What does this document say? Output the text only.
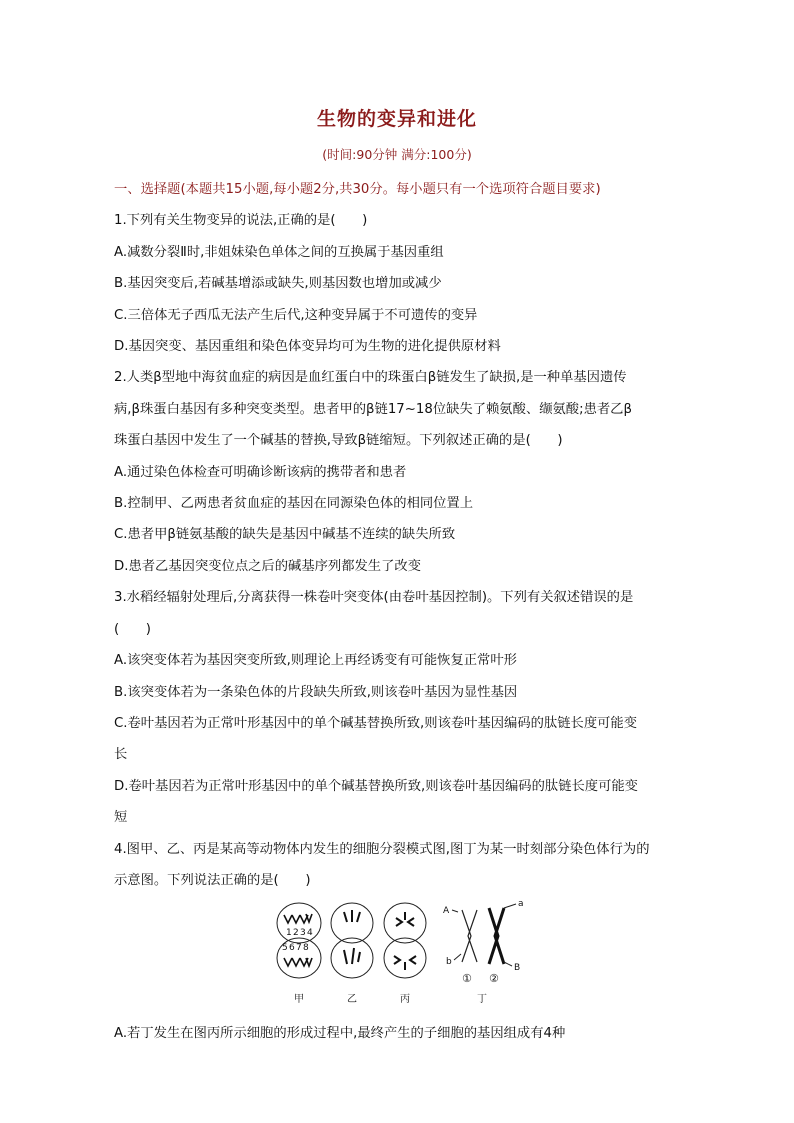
生物的变异和进化
(时间:90分钟 满分:100分)
一、选择题(本题共15小题,每小题2分,共30分。每小题只有一个选项符合题目要求)
1.下列有关生物变异的说法,正确的是(　　)
A.减数分裂Ⅱ时,非姐妹染色单体之间的互换属于基因重组
B.基因突变后,若碱基增添或缺失,则基因数也增加或减少
C.三倍体无子西瓜无法产生后代,这种变异属于不可遗传的变异
D.基因突变、基因重组和染色体变异均可为生物的进化提供原材料
2.人类β型地中海贫血症的病因是血红蛋白中的珠蛋白β链发生了缺损,是一种单基因遗传
病,β珠蛋白基因有多种突变类型。患者甲的β链17~18位缺失了赖氨酸、缬氨酸;患者乙β
珠蛋白基因中发生了一个碱基的替换,导致β链缩短。下列叙述正确的是(　　)
A.通过染色体检查可明确诊断该病的携带者和患者
B.控制甲、乙两患者贫血症的基因在同源染色体的相同位置上
C.患者甲β链氨基酸的缺失是基因中碱基不连续的缺失所致
D.患者乙基因突变位点之后的碱基序列都发生了改变
3.水稻经辐射处理后,分离获得一株卷叶突变体(由卷叶基因控制)。下列有关叙述错误的是
(　　)
A.该突变体若为基因突变所致,则理论上再经诱变有可能恢复正常叶形
B.该突变体若为一条染色体的片段缺失所致,则该卷叶基因为显性基因
C.卷叶基因若为正常叶形基因中的单个碱基替换所致,则该卷叶基因编码的肽链长度可能变
长
D.卷叶基因若为正常叶形基因中的单个碱基替换所致,则该卷叶基因编码的肽链长度可能变
短
4.图甲、乙、丙是某高等动物体内发生的细胞分裂模式图,图丁为某一时刻部分染色体行为的
示意图。下列说法正确的是(　　)
1 2 3 4
5 6 7 8
A
a
b
B
① ②
甲	乙	丙	丁
A.若丁发生在图丙所示细胞的形成过程中,最终产生的子细胞的基因组成有4种
